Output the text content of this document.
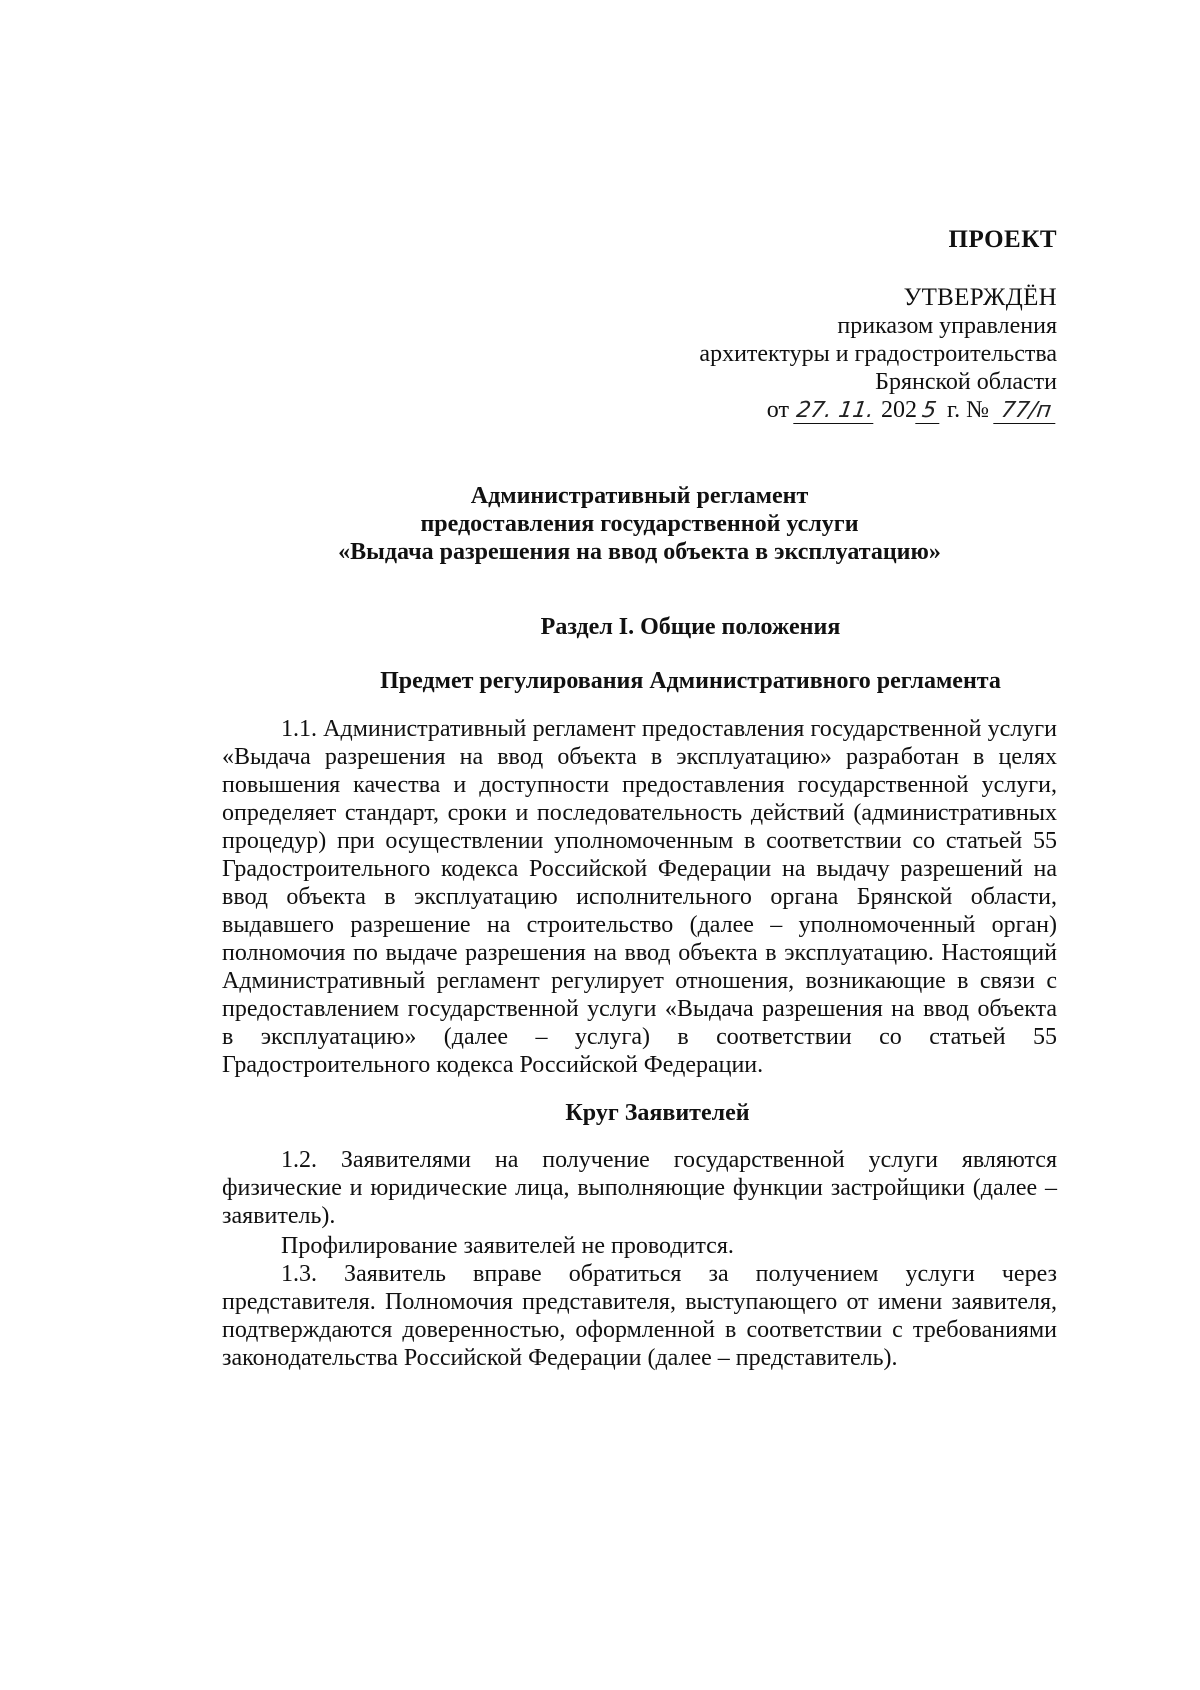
ПРОЕКТ
УТВЕРЖДЁН
приказом управления
архитектуры и градостроительства
Брянской области
от 27. 11. 202 5 г. № 77/п
Административный регламент
предоставления государственной услуги
«Выдача разрешения на ввод объекта в эксплуатацию»
Раздел I. Общие положения
Предмет регулирования Административного регламента

1.1. Административный регламент предоставления государственной услуги «Выдача разрешения на ввод объекта в эксплуатацию» разработан в целях повышения качества и доступности предоставления государственной услуги, определяет стандарт, сроки и последовательность действий (административных процедур) при осуществлении уполномоченным в соответствии со статьей 55 Градостроительного кодекса Российской Федерации на выдачу разрешений на ввод объекта в эксплуатацию исполнительного органа Брянской области, выдавшего разрешение на строительство (далее – уполномоченный орган) полномочия по выдаче разрешения на ввод объекта в эксплуатацию. Настоящий Административный регламент регулирует отношения, возникающие в связи с предоставлением государственной услуги «Выдача разрешения на ввод объекта в эксплуатацию» (далее – услуга) в соответствии со статьей 55 Градостроительного кодекса Российской Федерации.

Круг Заявителей

1.2. Заявителями на получение государственной услуги являются физические и юридические лица, выполняющие функции застройщики (далее – заявитель).

Профилирование заявителей не проводится.

1.3. Заявитель вправе обратиться за получением услуги через представителя. Полномочия представителя, выступающего от имени заявителя, подтверждаются доверенностью, оформленной в соответствии с требованиями законодательства Российской Федерации (далее – представитель).
